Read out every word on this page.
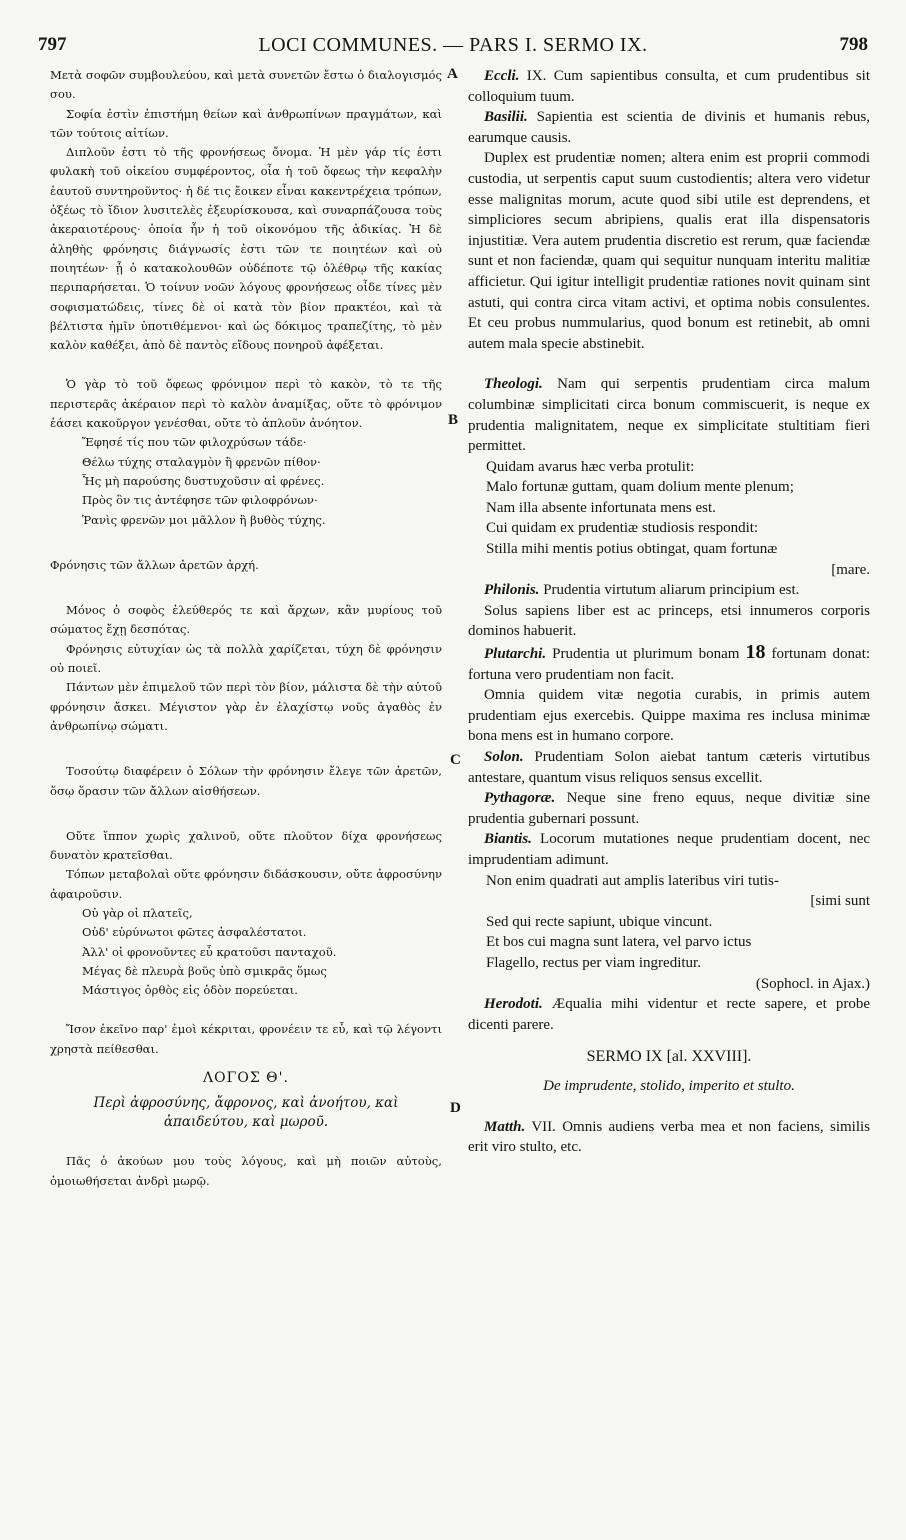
797	LOCI COMMUNES. — PARS I. SERMO IX.	798
A
B
C
D

Μετὰ σοφῶν συμβουλεύου, καὶ μετὰ συνετῶν ἔστω ὁ διαλογισμός σου.

Σοφία ἐστὶν ἐπιστήμη θείων καὶ ἀνθρωπίνων πραγμάτων, καὶ τῶν τούτοις αἰτίων.

Διπλοῦν ἐστι τὸ τῆς φρονήσεως ὄνομα. Ἡ μὲν γάρ τίς ἐστι φυλακὴ τοῦ οἰκείου συμφέροντος, οἷα ἡ τοῦ ὄφεως τὴν κεφαλὴν ἑαυτοῦ συντηροῦντος· ἡ δέ τις ἔοικεν εἶναι κακεντρέχεια τρόπων, ὀξέως τὸ ἴδιον λυσιτελὲς ἐξευρίσκουσα, καὶ συναρπάζουσα τοὺς ἀκεραιοτέρους· ὁποία ἦν ἡ τοῦ οἰκονόμου τῆς ἀδικίας. Ἡ δὲ ἀληθὴς φρόνησις διάγνωσίς ἐστι τῶν τε ποιητέων καὶ οὐ ποιητέων· ᾗ ὁ κατακολουθῶν οὐδέποτε τῷ ὀλέθρῳ τῆς κακίας περιπαρήσεται. Ὁ τοίνυν νοῶν λόγους φρονήσεως οἶδε τίνες μὲν σοφισματώδεις, τίνες δὲ οἱ κατὰ τὸν βίον πρακτέοι, καὶ τὰ βέλτιστα ἡμῖν ὑποτιθέμενοι· καὶ ὡς δόκιμος τραπεζίτης, τὸ μὲν καλὸν καθέξει, ἀπὸ δὲ παντὸς εἴδους πονηροῦ ἀφέξεται.

Ὁ γὰρ τὸ τοῦ ὄφεως φρόνιμον περὶ τὸ κακὸν, τὸ τε τῆς περιστερᾶς ἀκέραιον περὶ τὸ καλὸν ἀναμίξας, οὔτε τὸ φρόνιμον ἐάσει κακοῦργον γενέσθαι, οὔτε τὸ ἁπλοῦν ἀνόητον.

Ἔφησέ τίς που τῶν φιλοχρύσων τάδε·
Θέλω τύχης σταλαγμὸν ἢ φρενῶν πίθον·
Ἧς μὴ παρούσης δυστυχοῦσιν αἱ φρένες.
Πρὸς ὃν τις ἀντέφησε τῶν φιλοφρόνων·
Ῥανὶς φρενῶν μοι μᾶλλον ἢ βυθὸς τύχης.

Φρόνησις τῶν ἄλλων ἀρετῶν ἀρχή.

Μόνος ὁ σοφὸς ἐλεύθερός τε καὶ ἄρχων, κἂν μυρίους τοῦ σώματος ἔχῃ δεσπότας.

Φρόνησις εὐτυχίαν ὡς τὰ πολλὰ χαρίζεται, τύχη δὲ φρόνησιν οὐ ποιεῖ.

Πάντων μὲν ἐπιμελοῦ τῶν περὶ τὸν βίον, μάλιστα δὲ τὴν αὐτοῦ φρόνησιν ἄσκει. Μέγιστον γὰρ ἐν ἐλαχίστῳ νοῦς ἀγαθὸς ἐν ἀνθρωπίνῳ σώματι.

Τοσούτῳ διαφέρειν ὁ Σόλων τὴν φρόνησιν ἔλεγε τῶν ἀρετῶν, ὅσῳ ὅρασιν τῶν ἄλλων αἰσθήσεων.

Οὔτε ἵππον χωρὶς χαλινοῦ, οὔτε πλοῦτον δίχα φρονήσεως δυνατὸν κρατεῖσθαι.

Τόπων μεταβολαὶ οὔτε φρόνησιν διδάσκουσιν, οὔτε ἀφροσύνην ἀφαιροῦσιν.

Οὐ γὰρ οἱ πλατεῖς,
Οὐδ' εὐρύνωτοι φῶτες ἀσφαλέστατοι.
Ἀλλ' οἱ φρονοῦντες εὖ κρατοῦσι πανταχοῦ.
Μέγας δὲ πλευρὰ βοῦς ὑπὸ σμικρᾶς ὅμως
Μάστιγος ὀρθὸς εἰς ὁδὸν πορεύεται.

Ἴσον ἐκεῖνο παρ' ἐμοὶ κέκριται, φρονέειν τε εὖ, καὶ τῷ λέγοντι χρηστὰ πείθεσθαι.

ΛΟΓΟΣ Θ'.
Περὶ ἀφροσύνης, ἄφρονος, καὶ ἀνοήτου, καὶ ἀπαιδεύτου, καὶ μωροῦ.

Πᾶς ὁ ἀκούων μου τοὺς λόγους, καὶ μὴ ποιῶν αὐτοὺς, ὁμοιωθήσεται ἀνδρὶ μωρῷ.

Eccli. IX. Cum sapientibus consulta, et cum prudentibus sit colloquium tuum.

Basilii. Sapientia est scientia de divinis et humanis rebus, earumque causis.

Duplex est prudentiæ nomen; altera enim est proprii commodi custodia, ut serpentis caput suum custodientis; altera vero videtur esse malignitas morum, acute quod sibi utile est deprendens, et simpliciores secum abripiens, qualis erat illa dispensatoris injustitiæ. Vera autem prudentia discretio est rerum, quæ faciendæ sunt et non faciendæ, quam qui sequitur nunquam interitu malitiæ afficietur. Qui igitur intelligit prudentiæ rationes novit quinam sint astuti, qui contra circa vitam activi, et optima nobis consulentes. Et ceu probus nummularius, quod bonum est retinebit, ab omni autem mala specie abstinebit.

Theologi. Nam qui serpentis prudentiam circa malum columbinæ simplicitati circa bonum commiscuerit, is neque ex prudentia malignitatem, neque ex simplicitate stultitiam fieri permittet.

Quidam avarus hæc verba protulit:
Malo fortunæ guttam, quam dolium mente plenum;
Nam illa absente infortunata mens est.
Cui quidam ex prudentiæ studiosis respondit:
Stilla mihi mentis potius obtingat, quam fortunæ
[mare.

Philonis. Prudentia virtutum aliarum principium est.

Solus sapiens liber est ac princeps, etsi innumeros corporis dominos habuerit.

Plutarchi. Prudentia ut plurimum bonam 18 fortunam donat: fortuna vero prudentiam non facit.

Omnia quidem vitæ negotia curabis, in primis autem prudentiam ejus exercebis. Quippe maxima res inclusa minimæ bona mens est in humano corpore.

Solon. Prudentiam Solon aiebat tantum cæteris virtutibus antestare, quantum visus reliquos sensus excellit.

Pythagoræ. Neque sine freno equus, neque divitiæ sine prudentia gubernari possunt.

Biantis. Locorum mutationes neque prudentiam docent, nec imprudentiam adimunt.

Non enim quadrati aut amplis lateribus viri tutis-
[simi sunt
Sed qui recte sapiunt, ubique vincunt.
Et bos cui magna sunt latera, vel parvo ictus
Flagello, rectus per viam ingreditur.
(Sophocl. in Ajax.)

Herodoti. Æqualia mihi videntur et recte sapere, et probe dicenti parere.

SERMO IX [al. XXVIII].
De imprudente, stolido, imperito et stulto.

Matth. VII. Omnis audiens verba mea et non faciens, similis erit viro stulto, etc.
